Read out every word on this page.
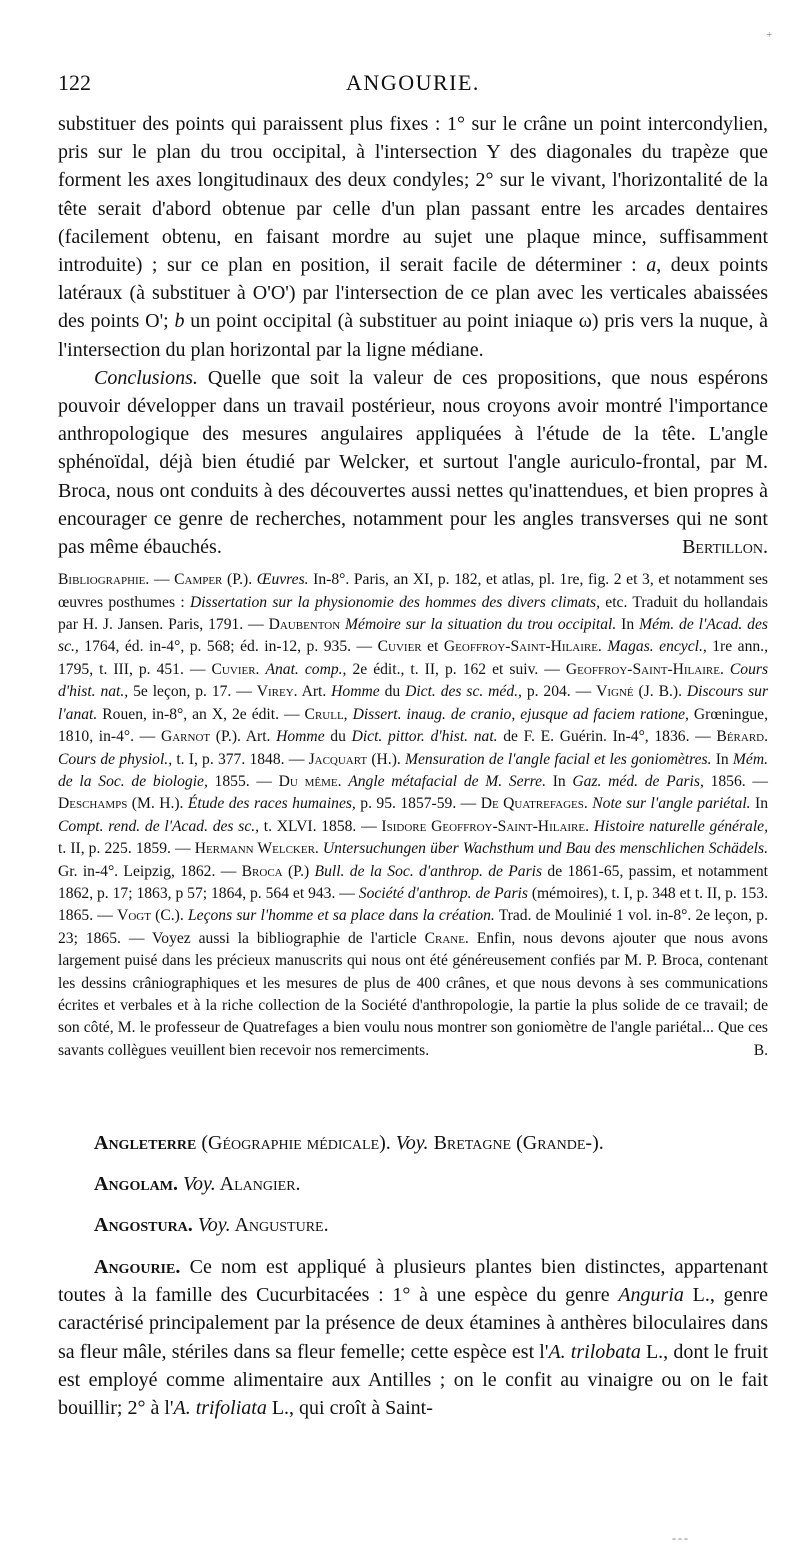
+
122	ANGOURIE.

substituer des points qui paraissent plus fixes : 1° sur le crâne un point intercondylien, pris sur le plan du trou occipital, à l'intersection Y des diagonales du trapèze que forment les axes longitudinaux des deux condyles; 2° sur le vivant, l'horizontalité de la tête serait d'abord obtenue par celle d'un plan passant entre les arcades dentaires (facilement obtenu, en faisant mordre au sujet une plaque mince, suffisamment introduite) ; sur ce plan en position, il serait facile de déterminer : a, deux points latéraux (à substituer à O'O') par l'intersection de ce plan avec les verticales abaissées des points O'; b un point occipital (à substituer au point iniaque ω) pris vers la nuque, à l'intersection du plan horizontal par la ligne médiane.

Conclusions. Quelle que soit la valeur de ces propositions, que nous espérons pouvoir développer dans un travail postérieur, nous croyons avoir montré l'importance anthropologique des mesures angulaires appliquées à l'étude de la tête. L'angle sphénoïdal, déjà bien étudié par Welcker, et surtout l'angle auriculo-frontal, par M. Broca, nous ont conduits à des découvertes aussi nettes qu'inattendues, et bien propres à encourager ce genre de recherches, notamment pour les angles transverses qui ne sont pas même ébauchés.	Bertillon.

Bibliographie. — Camper (P.). Œuvres. In-8°. Paris, an XI, p. 182, et atlas, pl. 1re, fig. 2 et 3, et notamment ses œuvres posthumes : Dissertation sur la physionomie des hommes des divers climats, etc. Traduit du hollandais par H. J. Jansen. Paris, 1791. — Daubenton Mémoire sur la situation du trou occipital. In Mém. de l'Acad. des sc., 1764, éd. in-4°, p. 568; éd. in-12, p. 935. — Cuvier et Geoffroy-Saint-Hilaire. Magas. encycl., 1re ann., 1795, t. III, p. 451. — Cuvier. Anat. comp., 2e édit., t. II, p. 162 et suiv. — Geoffroy-Saint-Hilaire. Cours d'hist. nat., 5e leçon, p. 17. — Virey. Art. Homme du Dict. des sc. méd., p. 204. — Vigné (J. B.). Discours sur l'anat. Rouen, in-8°, an X, 2e édit. — Crull, Dissert. inaug. de cranio, ejusque ad faciem ratione, Grœningue, 1810, in-4°. — Garnot (P.). Art. Homme du Dict. pittor. d'hist. nat. de F. E. Guérin. In-4°, 1836. — Bérard. Cours de physiol., t. I, p. 377. 1848. — Jacquart (H.). Mensuration de l'angle facial et les goniomètres. In Mém. de la Soc. de biologie, 1855. — Du même. Angle métafacial de M. Serre. In Gaz. méd. de Paris, 1856. — Deschamps (M. H.). Étude des races humaines, p. 95. 1857-59. — De Quatrefages. Note sur l'angle pariétal. In Compt. rend. de l'Acad. des sc., t. XLVI. 1858. — Isidore Geoffroy-Saint-Hilaire. Histoire naturelle générale, t. II, p. 225. 1859. — Hermann Welcker. Untersuchungen über Wachsthum und Bau des menschlichen Schädels. Gr. in-4°. Leipzig, 1862. — Broca (P.) Bull. de la Soc. d'anthrop. de Paris de 1861-65, passim, et notamment 1862, p. 17; 1863, p 57; 1864, p. 564 et 943. — Société d'anthrop. de Paris (mémoires), t. I, p. 348 et t. II, p. 153. 1865. — Vogt (C.). Leçons sur l'homme et sa place dans la création. Trad. de Moulinié 1 vol. in-8°. 2e leçon, p. 23; 1865. — Voyez aussi la bibliographie de l'article Crane. Enfin, nous devons ajouter que nous avons largement puisé dans les précieux manuscrits qui nous ont été généreusement confiés par M. P. Broca, contenant les dessins crâniographiques et les mesures de plus de 400 crânes, et que nous devons à ses communications écrites et verbales et à la riche collection de la Société d'anthropologie, la partie la plus solide de ce travail; de son côté, M. le professeur de Quatrefages a bien voulu nous montrer son goniomètre de l'angle pariétal... Que ces savants collègues veuillent bien recevoir nos remerciments.	B.

Angleterre (Géographie médicale). Voy. Bretagne (Grande-).

Angolam. Voy. Alangier.

Angostura. Voy. Angusture.

Angourie. Ce nom est appliqué à plusieurs plantes bien distinctes, appartenant toutes à la famille des Cucurbitacées : 1° à une espèce du genre Anguria L., genre caractérisé principalement par la présence de deux étamines à anthères biloculaires dans sa fleur mâle, stériles dans sa fleur femelle; cette espèce est l'A. trilobata L., dont le fruit est employé comme alimentaire aux Antilles ; on le confit au vinaigre ou on le fait bouillir; 2° à l'A. trifoliata L., qui croît à Saint-

---
